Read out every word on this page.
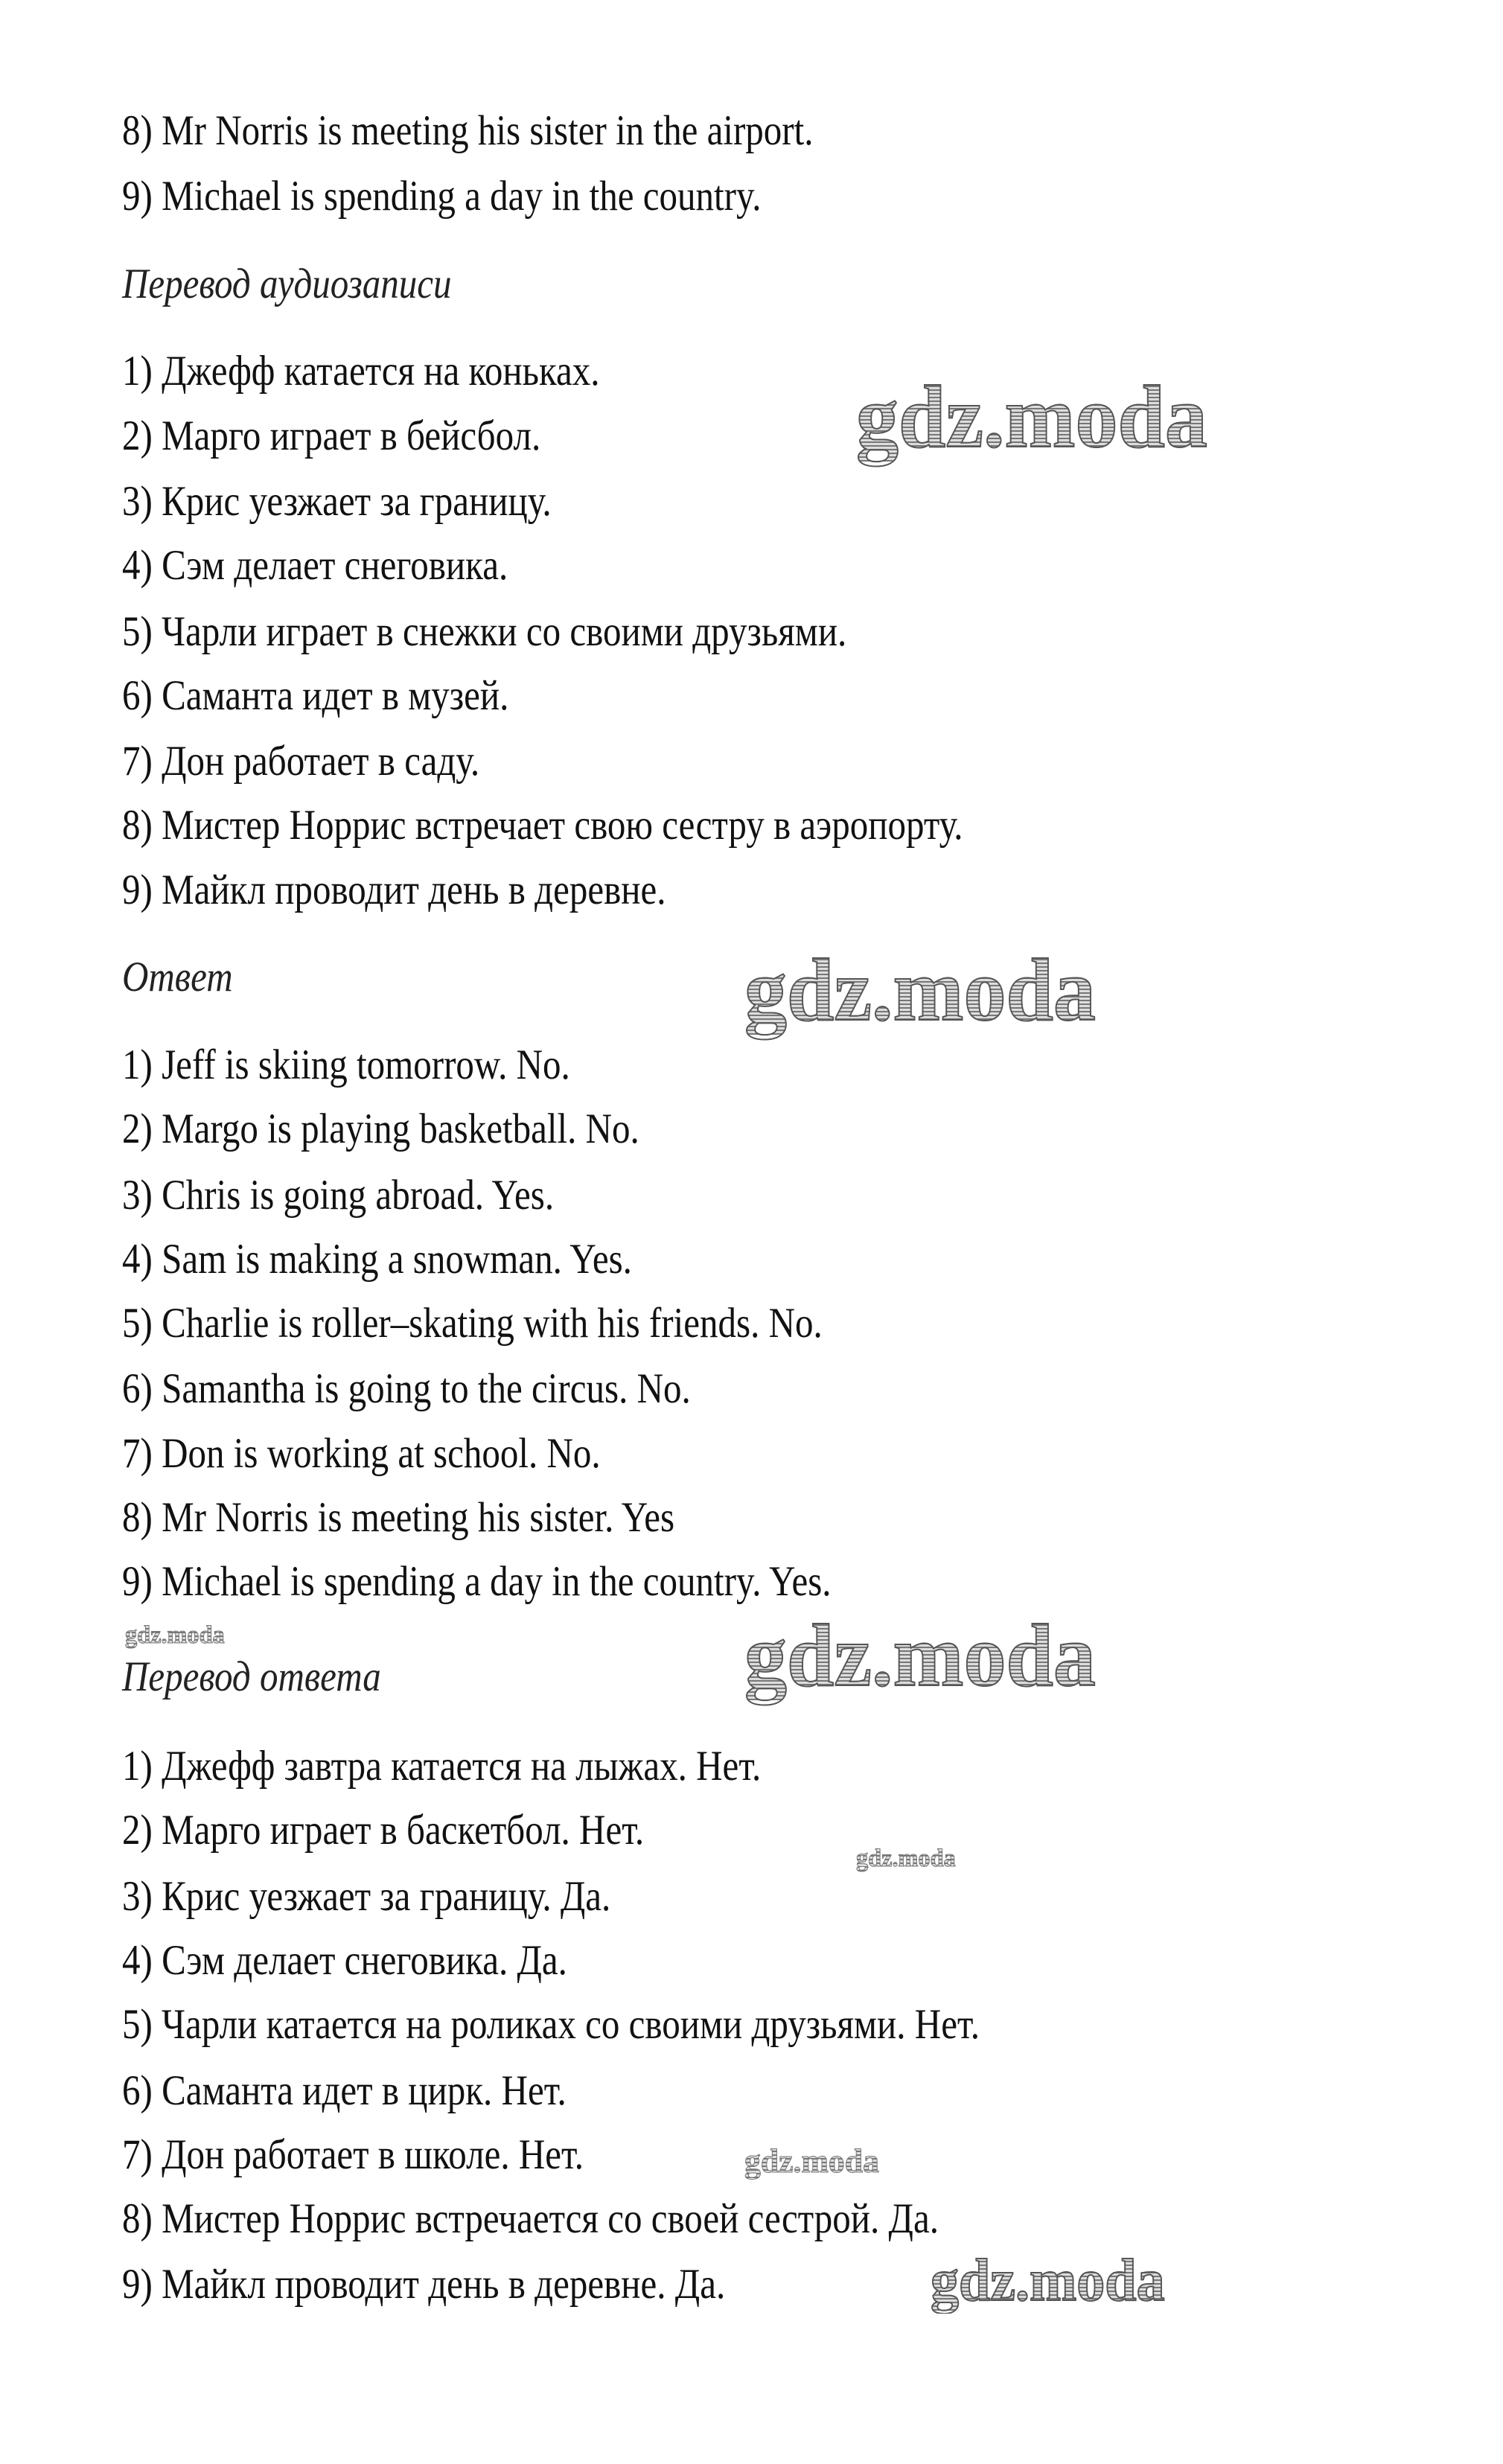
8) Mr Norris is meeting his sister in the airport.
9) Michael is spending a day in the country.
Перевод аудиозаписи
1) Джефф катается на коньках.
2) Марго играет в бейсбол.
3) Крис уезжает за границу.
4) Сэм делает снеговика.
5) Чарли играет в снежки со своими друзьями.
6) Саманта идет в музей.
7) Дон работает в саду.
8) Мистер Норрис встречает свою сестру в аэропорту.
9) Майкл проводит день в деревне.
Ответ
1) Jeff is skiing tomorrow. No.
2) Margo is playing basketball. No.
3) Chris is going abroad. Yes.
4) Sam is making a snowman. Yes.
5) Charlie is roller–skating with his friends. No.
6) Samantha is going to the circus. No.
7) Don is working at school. No.
8) Mr Norris is meeting his sister. Yes
9) Michael is spending a day in the country. Yes.
Перевод ответа
1) Джефф завтра катается на лыжах. Нет.
2) Марго играет в баскетбол. Нет.
3) Крис уезжает за границу. Да.
4) Сэм делает снеговика. Да.
5) Чарли катается на роликах со своими друзьями. Нет.
6) Саманта идет в цирк. Нет.
7) Дон работает в школе. Нет.
8) Мистер Норрис встречается со своей сестрой. Да.
9) Майкл проводит день в деревне. Да.
gdz.moda
gdz.moda
gdz.moda
gdz.moda
gdz.moda
gdz.moda
gdz.moda
